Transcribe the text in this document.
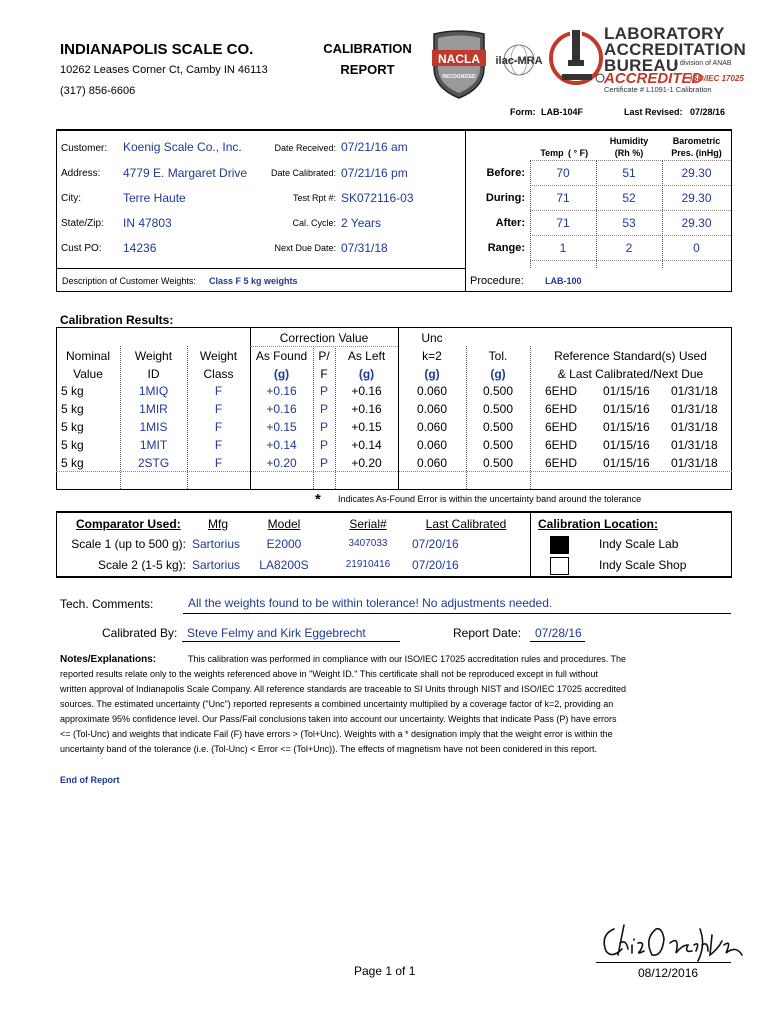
INDIANAPOLIS SCALE CO.
10262 Leases Corner Ct, Camby IN 46113
(317) 856-6606
CALIBRATION
REPORT
NACLA
RECOGNIZED
ilac-MRA
LABORATORY
ACCREDITATION
BUREAU
a division of ANAB
ACCREDITED
ISO/IEC 17025
Certificate # L1091-1 Calibration
Form: LAB-104F	Last Revised: 07/28/16
Customer: Koenig Scale Co., Inc.
Address: 4779 E. Margaret Drive
City:	Terre Haute
State/Zip: IN 47803
Cust PO: 14236
Date Received: 07/21/16 am
Date Calibrated: 07/21/16 pm
Test Rpt #: SK072116-03
Cal. Cycle: 2 Years
Next Due Date: 07/31/18
Description of Customer Weights: Class F 5 kg weights
Temp ( ° F)
Humidity
(Rh %)
Barometric
Pres. (inHg)
Before:	70	51	29.30
During:	71	52	29.30
After:	71	53	29.30
Range:	1	2	0
Procedure: LAB-100
Calibration Results:
Correction Value	Unc
Nominal
Value
Weight
ID
Weight
Class
As Found
(g)
P/
F
As Left
(g)
k=2
(g)
Tol.
(g)
Reference Standard(s) Used
& Last Calibrated/Next Due
5 kg	1MIQ	F	+0.16	P	+0.16	0.060	0.500	6EHD 01/15/16 01/31/18
5 kg	1MIR	F	+0.16	P	+0.16	0.060	0.500	6EHD 01/15/16 01/31/18
5 kg	1MIS	F	+0.15	P	+0.15	0.060	0.500	6EHD 01/15/16 01/31/18
5 kg	1MIT	F	+0.14	P	+0.14	0.060	0.500	6EHD 01/15/16 01/31/18
5 kg	2STG	F	+0.20	P	+0.20	0.060	0.500	6EHD 01/15/16 01/31/18
* Indicates As-Found Error is within the uncertainty band around the tolerance
Comparator Used:	Mfg	Model	Serial#	Last Calibrated	Calibration Location:
Scale 1 (up to 500 g): Sartorius	E2000	3407033	07/20/16	Indy Scale Lab
Scale 2 (1-5 kg): Sartorius	LA8200S	21910416	07/20/16	Indy Scale Shop
Tech. Comments:	All the weights found to be within tolerance! No adjustments needed.
Calibrated By: Steve Felmy and Kirk Eggebrecht	Report Date: 07/28/16
Notes/Explanations:	This calibration was performed in compliance with our ISO/IEC 17025 accreditation rules and procedures. The
reported results relate only to the weights referenced above in "Weight ID." This certificate shall not be reproduced except in full without
written approval of Indianapolis Scale Company. All reference standards are traceable to SI Units through NIST and ISO/IEC 17025 accredited
sources. The estimated uncertainty ("Unc") reported represents a combined uncertainty multiplied by a coverage factor of k=2, providing an
approximate 95% confidence level. Our Pass/Fail conclusions taken into account our uncertainty. Weights that indicate Pass (P) have errors
<= (Tol-Unc) and weights that indicate Fail (F) have errors > (Tol+Unc). Weights with a * designation imply that the weight error is within the
uncertainty band of the tolerance (i.e. (Tol-Unc) < Error <= (Tol+Unc)). The effects of magnetism have not been conidered in this report.
End of Report
Page 1 of 1	08/12/2016
